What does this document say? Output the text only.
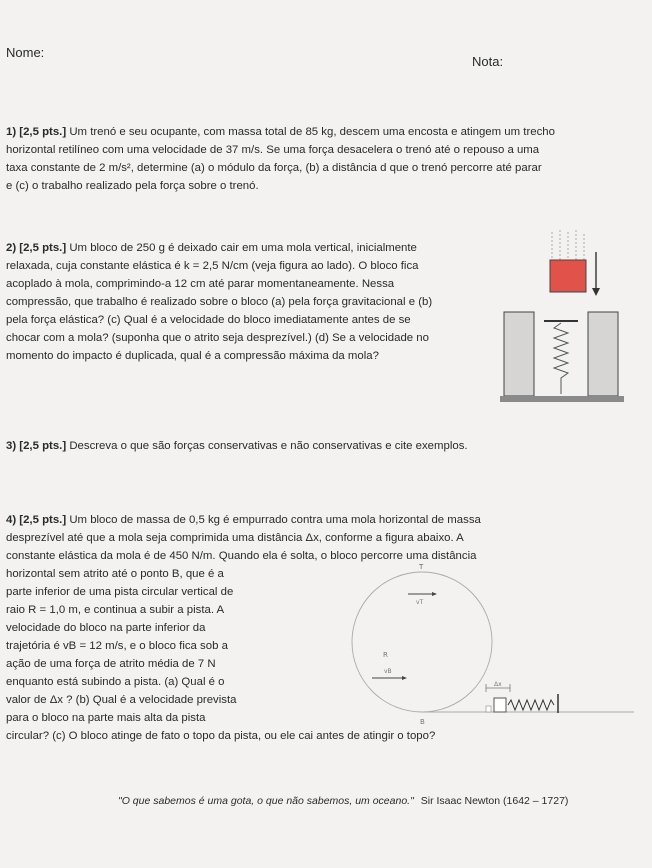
Nome:
Nota:
1) [2,5 pts.] Um trenó e seu ocupante, com massa total de 85 kg, descem uma encosta e atingem um trecho
horizontal retilíneo com uma velocidade de 37 m/s. Se uma força desacelera o trenó até o repouso a uma
taxa constante de 2 m/s², determine (a) o módulo da força, (b) a distância d que o trenó percorre até parar
e (c) o trabalho realizado pela força sobre o trenó.
2) [2,5 pts.] Um bloco de 250 g é deixado cair em uma mola vertical, inicialmente
relaxada, cuja constante elástica é k = 2,5 N/cm (veja figura ao lado). O bloco fica
acoplado à mola, comprimindo-a 12 cm até parar momentaneamente. Nessa
compressão, que trabalho é realizado sobre o bloco (a) pela força gravitacional e (b)
pela força elástica? (c) Qual é a velocidade do bloco imediatamente antes de se
chocar com a mola? (suponha que o atrito seja desprezível.) (d) Se a velocidade no
momento do impacto é duplicada, qual é a compressão máxima da mola?
3) [2,5 pts.] Descreva o que são forças conservativas e não conservativas e cite exemplos.
4) [2,5 pts.] Um bloco de massa de 0,5 kg é empurrado contra uma mola horizontal de massa
desprezível até que a mola seja comprimida uma distância Δx, conforme a figura abaixo. A
constante elástica da mola é de 450 N/m. Quando ela é solta, o bloco percorre uma distância
horizontal sem atrito até o ponto B, que é a
parte inferior de uma pista circular vertical de
raio R = 1,0 m, e continua a subir a pista. A
velocidade do bloco na parte inferior da
trajetória é vB = 12 m/s, e o bloco fica sob a
ação de uma força de atrito média de 7 N
enquanto está subindo a pista. (a) Qual é o
valor de Δx ? (b) Qual é a velocidade prevista
para o bloco na parte mais alta da pista
circular? (c) O bloco atinge de fato o topo da pista, ou ele cai antes de atingir o topo?
T
vT
R
vB
B
Δx
"O que sabemos é uma gota, o que não sabemos, um oceano." Sir Isaac Newton (1642 – 1727)
